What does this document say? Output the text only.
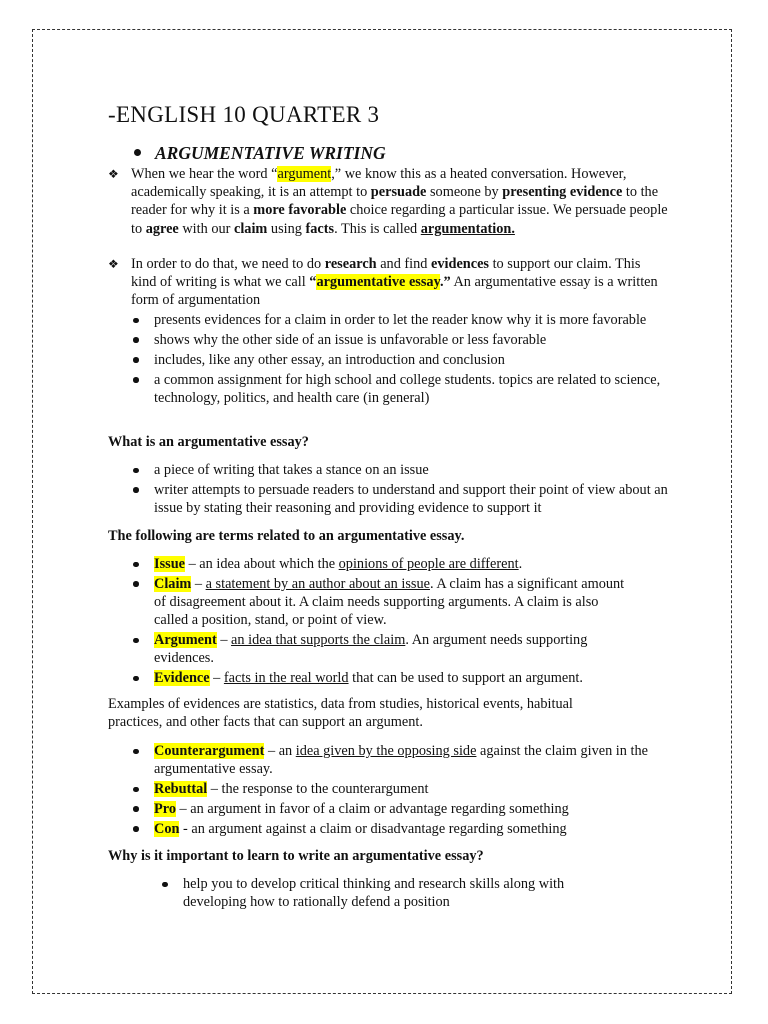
-ENGLISH 10 QUARTER 3
ARGUMENTATIVE WRITING
❖ When we hear the word “argument,” we know this as a heated conversation. However, academically speaking, it is an attempt to persuade someone by presenting evidence to the reader for why it is a more favorable choice regarding a particular issue. We persuade people to agree with our claim using facts. This is called argumentation.
❖ In order to do that, we need to do research and find evidences to support our claim. This kind of writing is what we call “argumentative essay.” An argumentative essay is a written form of argumentation
presents evidences for a claim in order to let the reader know why it is more favorable
shows why the other side of an issue is unfavorable or less favorable
includes, like any other essay, an introduction and conclusion
a common assignment for high school and college students. topics are related to science, technology, politics, and health care (in general)
What is an argumentative essay?
a piece of writing that takes a stance on an issue
writer attempts to persuade readers to understand and support their point of view about an issue by stating their reasoning and providing evidence to support it
The following are terms related to an argumentative essay.
Issue – an idea about which the opinions of people are different.
Claim – a statement by an author about an issue. A claim has a significant amount of disagreement about it. A claim needs supporting arguments. A claim is also called a position, stand, or point of view.
Argument – an idea that supports the claim. An argument needs supporting evidences.
Evidence – facts in the real world that can be used to support an argument.
Examples of evidences are statistics, data from studies, historical events, habitual practices, and other facts that can support an argument.
Counterargument – an idea given by the opposing side against the claim given in the argumentative essay.
Rebuttal – the response to the counterargument
Pro – an argument in favor of a claim or advantage regarding something
Con - an argument against a claim or disadvantage regarding something
Why is it important to learn to write an argumentative essay?
help you to develop critical thinking and research skills along with developing how to rationally defend a position
